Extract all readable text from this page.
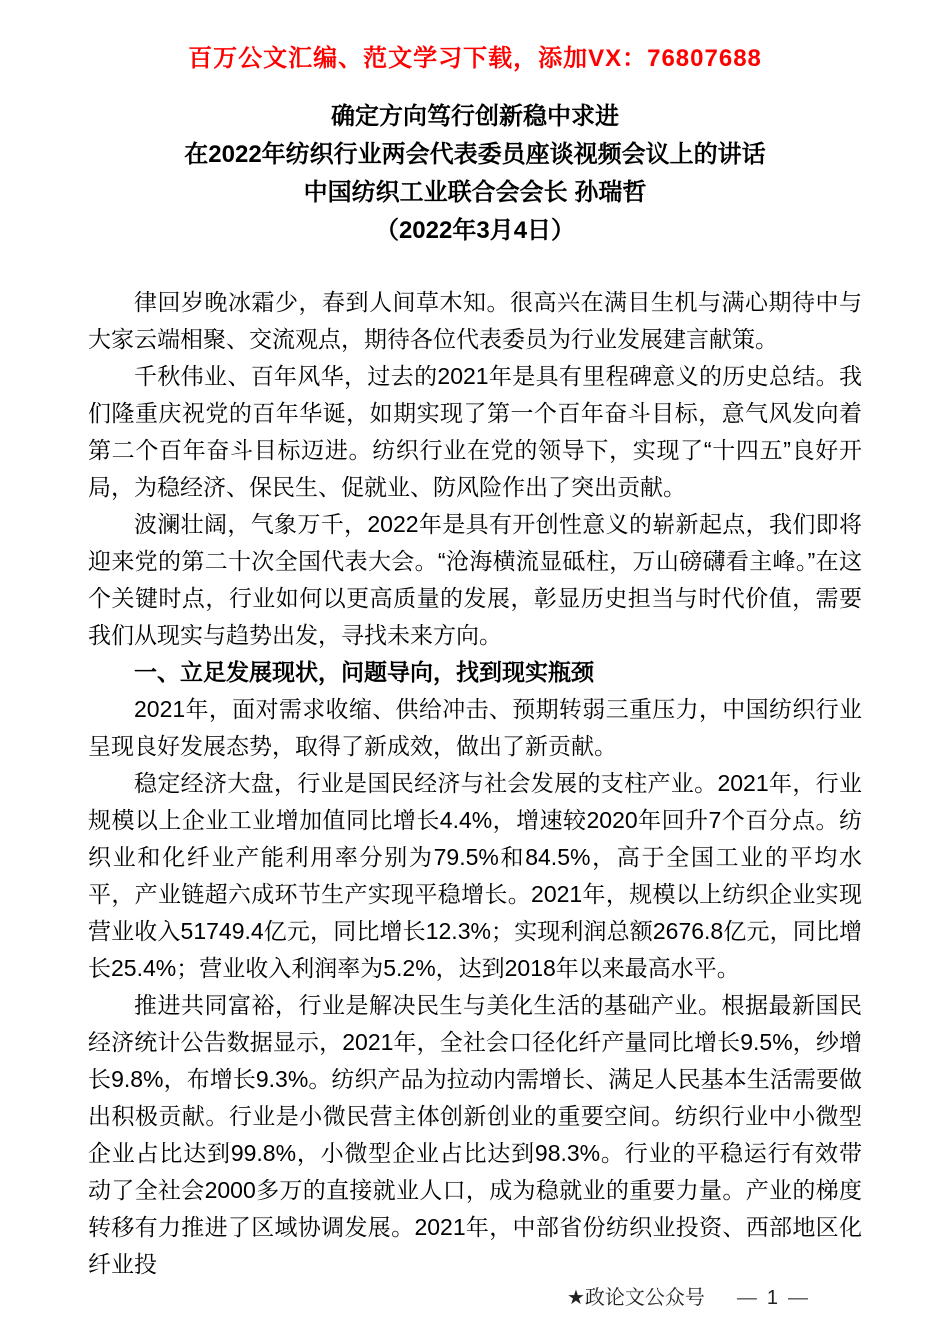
百万公文汇编、范文学习下载，添加VX：76807688
确定方向笃行创新稳中求进
在2022年纺织行业两会代表委员座谈视频会议上的讲话
中国纺织工业联合会会长 孙瑞哲
（2022年3月4日）

律回岁晚冰霜少，春到人间草木知。很高兴在满目生机与满心期待中与大家云端相聚、交流观点，期待各位代表委员为行业发展建言献策。

千秋伟业、百年风华，过去的2021年是具有里程碑意义的历史总结。我们隆重庆祝党的百年华诞，如期实现了第一个百年奋斗目标，意气风发向着第二个百年奋斗目标迈进。纺织行业在党的领导下，实现了“十四五”良好开局，为稳经济、保民生、促就业、防风险作出了突出贡献。

波澜壮阔，气象万千，2022年是具有开创性意义的崭新起点，我们即将迎来党的第二十次全国代表大会。“沧海横流显砥柱，万山磅礴看主峰。”在这个关键时点，行业如何以更高质量的发展，彰显历史担当与时代价值，需要我们从现实与趋势出发，寻找未来方向。

一、立足发展现状，问题导向，找到现实瓶颈

2021年，面对需求收缩、供给冲击、预期转弱三重压力，中国纺织行业呈现良好发展态势，取得了新成效，做出了新贡献。

稳定经济大盘，行业是国民经济与社会发展的支柱产业。2021年，行业规模以上企业工业增加值同比增长4.4%，增速较2020年回升7个百分点。纺织业和化纤业产能利用率分别为79.5%和84.5%，高于全国工业的平均水平，产业链超六成环节生产实现平稳增长。2021年，规模以上纺织企业实现营业收入51749.4亿元，同比增长12.3%；实现利润总额2676.8亿元，同比增长25.4%；营业收入利润率为5.2%，达到2018年以来最高水平。

推进共同富裕，行业是解决民生与美化生活的基础产业。根据最新国民经济统计公告数据显示，2021年，全社会口径化纤产量同比增长9.5%，纱增长9.8%，布增长9.3%。纺织产品为拉动内需增长、满足人民基本生活需要做出积极贡献。行业是小微民营主体创新创业的重要空间。纺织行业中小微型企业占比达到99.8%，小微型企业占比达到98.3%。行业的平稳运行有效带动了全社会2000多万的直接就业人口，成为稳就业的重要力量。产业的梯度转移有力推进了区域协调发展。2021年，中部省份纺织业投资、西部地区化纤业投

★政论文公众号 — 1 —
